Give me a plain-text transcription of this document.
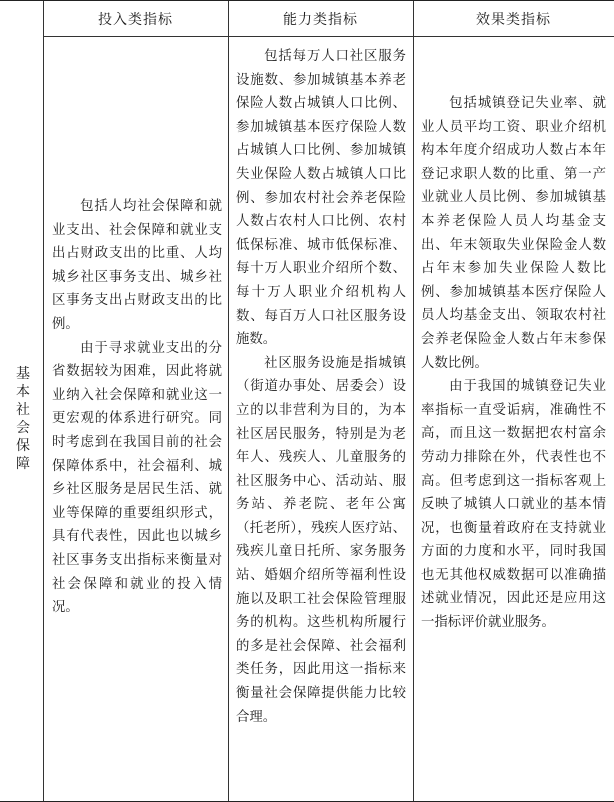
投入类指标	能力类指标	效果类指标
基本社会保障

包括人均社会保障和就业支出、社会保障和就业支出占财政支出的比重、人均城乡社区事务支出、城乡社区事务支出占财政支出的比例。

由于寻求就业支出的分省数据较为困难，因此将就业纳入社会保障和就业这一更宏观的体系进行研究。同时考虑到在我国目前的社会保障体系中，社会福利、城乡社区服务是居民生活、就业等保障的重要组织形式，具有代表性，因此也以城乡社区事务支出指标来衡量对社会保障和就业的投入情况。

包括每万人口社区服务设施数、参加城镇基本养老保险人数占城镇人口比例、参加城镇基本医疗保险人数占城镇人口比例、参加城镇失业保险人数占城镇人口比例、参加农村社会养老保险人数占农村人口比例、农村低保标准、城市低保标准、每十万人职业介绍所个数、每十万人职业介绍机构人数、每百万人口社区服务设施数。

社区服务设施是指城镇（街道办事处、居委会）设立的以非营利为目的，为本社区居民服务，特别是为老年人、残疾人、儿童服务的社区服务中心、活动站、服务站、养老院、老年公寓（托老所），残疾人医疗站、残疾儿童日托所、家务服务站、婚姻介绍所等福利性设施以及职工社会保险管理服务的机构。这些机构所履行的多是社会保障、社会福利类任务，因此用这一指标来衡量社会保障提供能力比较合理。

包括城镇登记失业率、就业人员平均工资、职业介绍机构本年度介绍成功人数占本年登记求职人数的比重、第一产业就业人员比例、参加城镇基本养老保险人员人均基金支出、年末领取失业保险金人数占年末参加失业保险人数比例、参加城镇基本医疗保险人员人均基金支出、领取农村社会养老保险金人数占年末参保人数比例。

由于我国的城镇登记失业率指标一直受诟病，准确性不高，而且这一数据把农村富余劳动力排除在外，代表性也不高。但考虑到这一指标客观上反映了城镇人口就业的基本情况，也衡量着政府在支持就业方面的力度和水平，同时我国也无其他权威数据可以准确描述就业情况，因此还是应用这一指标评价就业服务。
